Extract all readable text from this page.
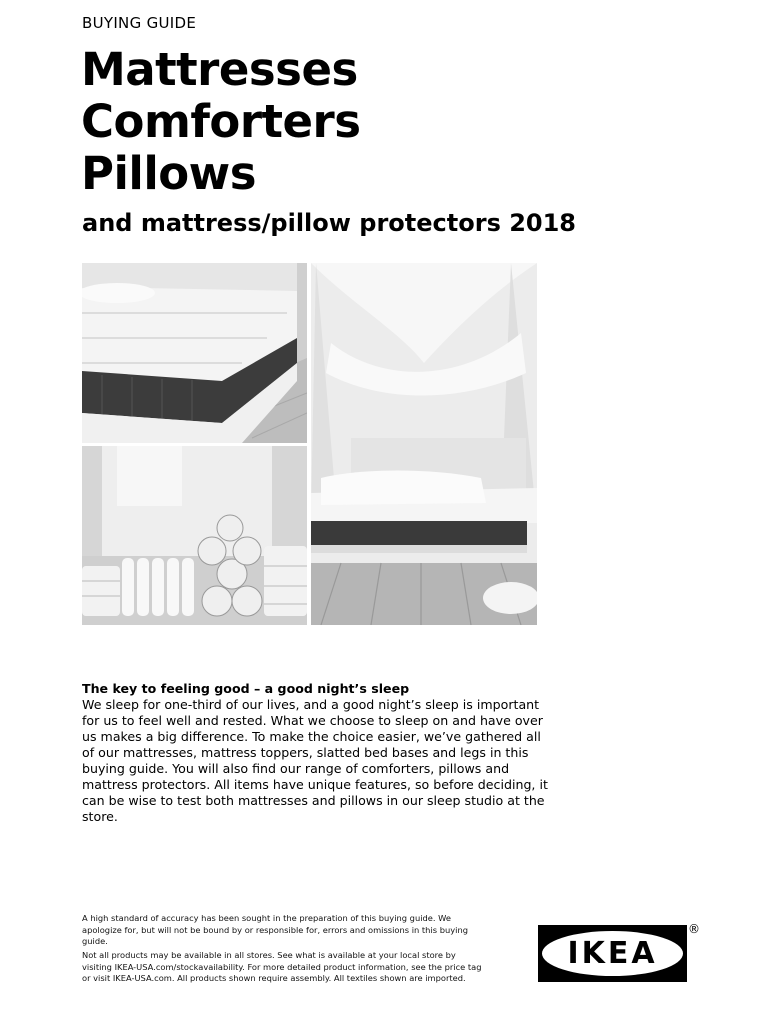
BUYING GUIDE
Mattresses
Comforters
Pillows
and mattress/pillow protectors 2018
The key to feeling good – a good night’s sleep

We sleep for one-third of our lives, and a good night’s sleep is important for us to feel well and rested. What we choose to sleep on and have over us makes a big difference. To make the choice easier, we’ve gathered all of our mattresses, mattress toppers, slatted bed bases and legs in this buying guide. You will also find our range of comforters, pillows and mattress protectors. All items have unique features, so before deciding, it can be wise to test both mattresses and pillows in our sleep studio at the store.

A high standard of accuracy has been sought in the preparation of this buying guide. We apologize for, but will not be bound by or responsible for, errors and omissions in this buying guide.
Not all products may be available in all stores. See what is available at your local store by visiting IKEA-USA.com/stockavailability. For more detailed product information, see the price tag or visit IKEA-USA.com. All products shown require assembly. All textiles shown are imported.
IKEA
®
